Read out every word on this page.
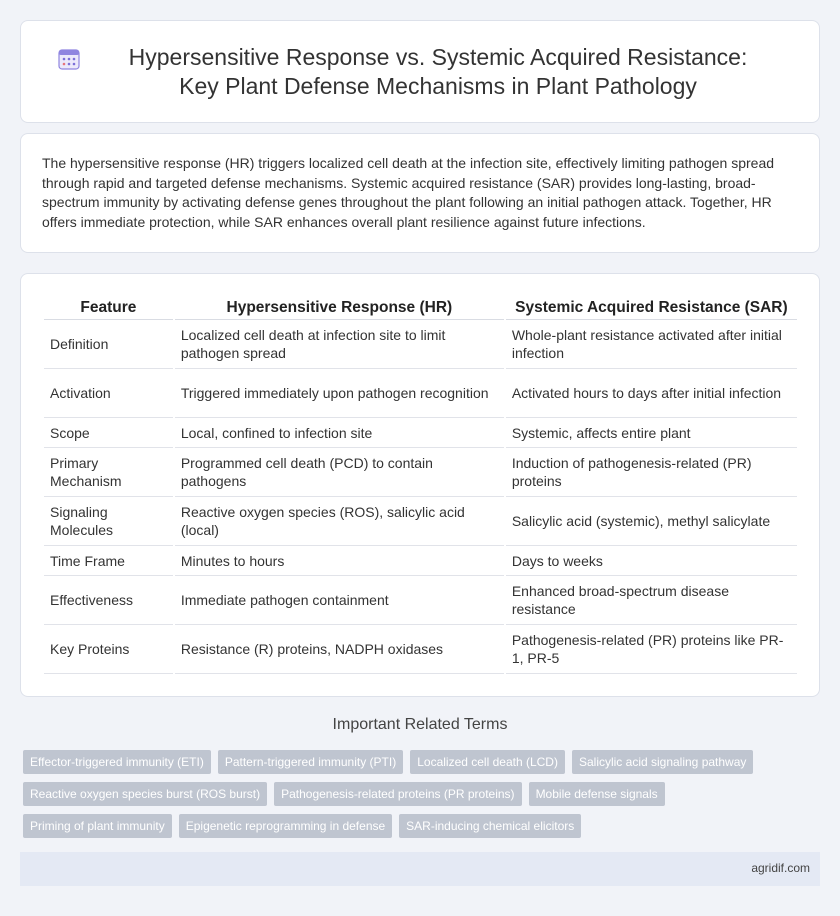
Hypersensitive Response vs. Systemic Acquired Resistance: Key Plant Defense Mechanisms in Plant Pathology

The hypersensitive response (HR) triggers localized cell death at the infection site, effectively limiting pathogen spread through rapid and targeted defense mechanisms. Systemic acquired resistance (SAR) provides long-lasting, broad-spectrum immunity by activating defense genes throughout the plant following an initial pathogen attack. Together, HR offers immediate protection, while SAR enhances overall plant resilience against future infections.

Feature	Hypersensitive Response (HR)	Systemic Acquired Resistance (SAR)
Definition	Localized cell death at infection site to limit pathogen spread	Whole-plant resistance activated after initial infection
Activation	Triggered immediately upon pathogen recognition	Activated hours to days after initial infection
Scope	Local, confined to infection site	Systemic, affects entire plant
Primary Mechanism	Programmed cell death (PCD) to contain pathogens	Induction of pathogenesis-related (PR) proteins
Signaling Molecules	Reactive oxygen species (ROS), salicylic acid (local)	Salicylic acid (systemic), methyl salicylate
Time Frame	Minutes to hours	Days to weeks
Effectiveness	Immediate pathogen containment	Enhanced broad-spectrum disease resistance
Key Proteins	Resistance (R) proteins, NADPH oxidases	Pathogenesis-related (PR) proteins like PR-1, PR-5
Important Related Terms
Effector-triggered immunity (ETI)	Pattern-triggered immunity (PTI)	Localized cell death (LCD)	Salicylic acid signaling pathway
Reactive oxygen species burst (ROS burst)	Pathogenesis-related proteins (PR proteins)	Mobile defense signals
Priming of plant immunity	Epigenetic reprogramming in defense	SAR-inducing chemical elicitors
agridif.com
